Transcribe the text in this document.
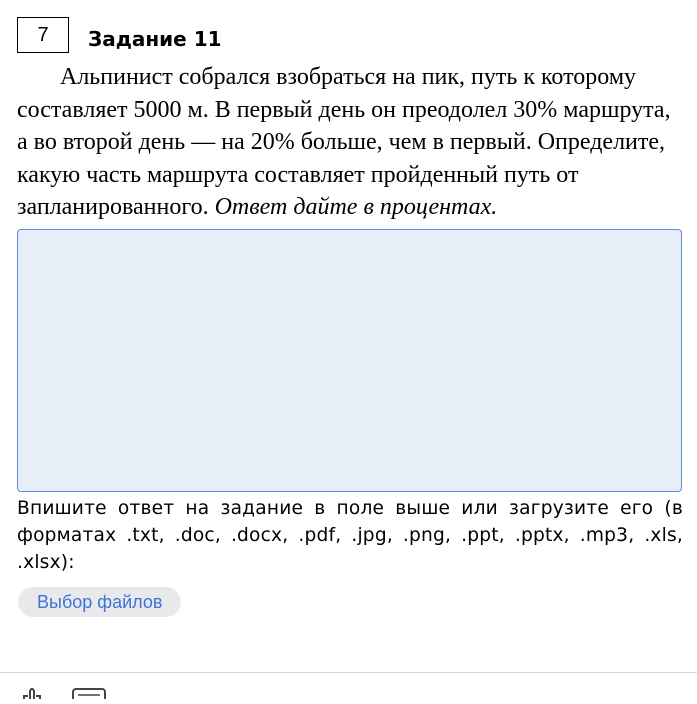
7	Задание 11

Альпинист собрался взобраться на пик, путь к которому составляет 5000 м. В первый день он преодолел 30% маршрута, а во второй день — на 20% больше, чем в первый. Определите, какую часть маршрута составляет пройденный путь от запланированного. Ответ дайте в процентах.

Впишите ответ на задание в поле выше или загрузите его (в форматах .txt, .doc, .docx, .pdf, .jpg, .png, .ppt, .pptx, .mp3, .xls, .xlsx):

Выбор файлов
